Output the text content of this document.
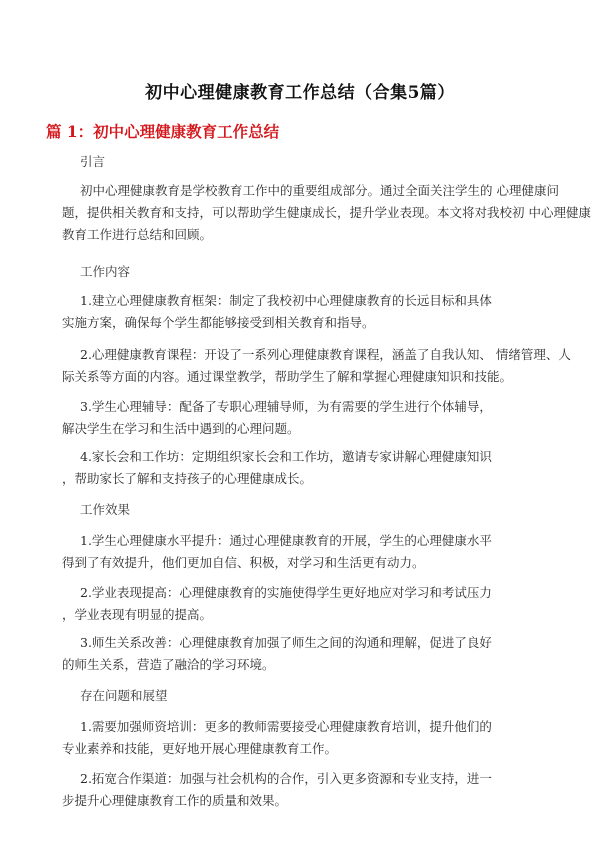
初中心理健康教育工作总结（合集5篇）
篇 1：初中心理健康教育工作总结
引言
初中心理健康教育是学校教育工作中的重要组成部分。通过全面关注学生的 心理健康问
题，提供相关教育和支持，可以帮助学生健康成长，提升学业表现。本文将对我校初 中心理健康
教育工作进行总结和回顾。
工作内容
1.建立心理健康教育框架：制定了我校初中心理健康教育的长远目标和具体
实施方案，确保每个学生都能够接受到相关教育和指导。
2.心理健康教育课程：开设了一系列心理健康教育课程，涵盖了自我认知、 情绪管理、人
际关系等方面的内容。通过课堂教学，帮助学生了解和掌握心理健康知识和技能。
3.学生心理辅导：配备了专职心理辅导师，为有需要的学生进行个体辅导，
解决学生在学习和生活中遇到的心理问题。
4.家长会和工作坊：定期组织家长会和工作坊，邀请专家讲解心理健康知识
，帮助家长了解和支持孩子的心理健康成长。
工作效果
1.学生心理健康水平提升：通过心理健康教育的开展，学生的心理健康水平
得到了有效提升，他们更加自信、积极，对学习和生活更有动力。
2.学业表现提高：心理健康教育的实施使得学生更好地应对学习和考试压力
，学业表现有明显的提高。
3.师生关系改善：心理健康教育加强了师生之间的沟通和理解，促进了良好
的师生关系，营造了融洽的学习环境。
存在问题和展望
1.需要加强师资培训：更多的教师需要接受心理健康教育培训，提升他们的
专业素养和技能，更好地开展心理健康教育工作。
2.拓宽合作渠道：加强与社会机构的合作，引入更多资源和专业支持，进一
步提升心理健康教育工作的质量和效果。
